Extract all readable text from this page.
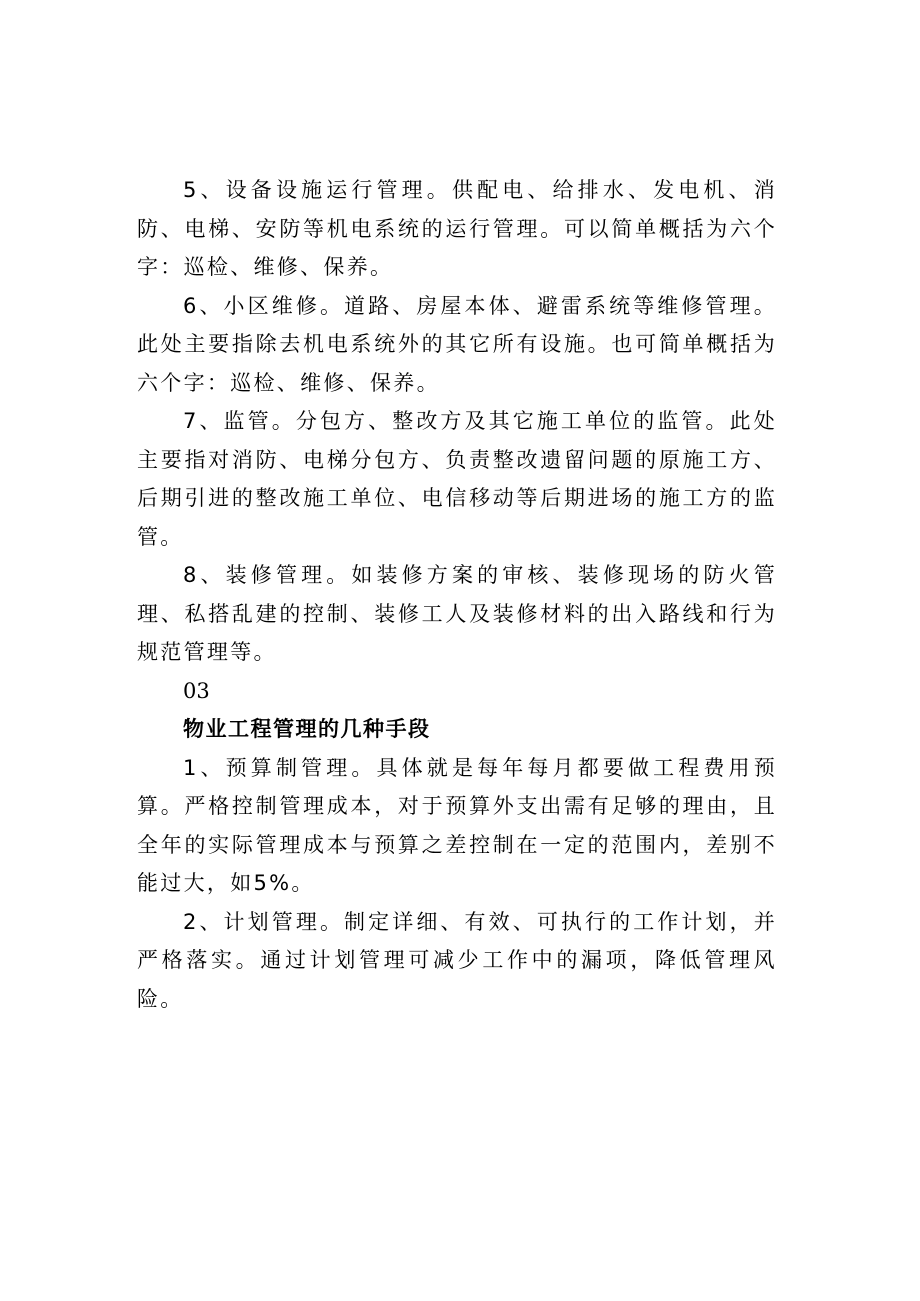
5、设备设施运行管理。供配电、给排水、发电机、消防、电梯、安防等机电系统的运行管理。可以简单概括为六个字：巡检、维修、保养。

6、小区维修。道路、房屋本体、避雷系统等维修管理。此处主要指除去机电系统外的其它所有设施。也可简单概括为六个字：巡检、维修、保养。

7、监管。分包方、整改方及其它施工单位的监管。此处主要指对消防、电梯分包方、负责整改遗留问题的原施工方、后期引进的整改施工单位、电信移动等后期进场的施工方的监管。

8、装修管理。如装修方案的审核、装修现场的防火管理、私搭乱建的控制、装修工人及装修材料的出入路线和行为规范管理等。

03

物业工程管理的几种手段

1、预算制管理。具体就是每年每月都要做工程费用预算。严格控制管理成本，对于预算外支出需有足够的理由，且全年的实际管理成本与预算之差控制在一定的范围内，差别不能过大，如5%。

2、计划管理。制定详细、有效、可执行的工作计划，并严格落实。通过计划管理可减少工作中的漏项，降低管理风险。
